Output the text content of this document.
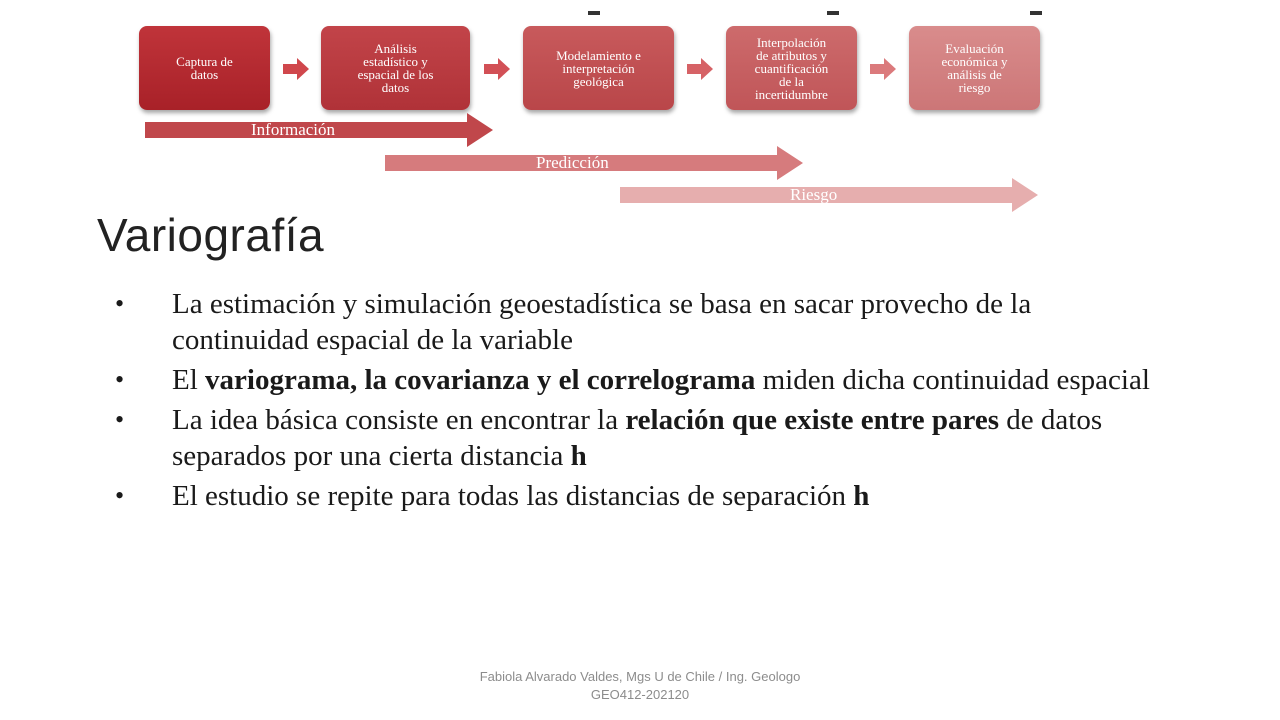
Captura de
datos
Análisis
estadístico y
espacial de los
datos
Modelamiento e
interpretación
geológica
Interpolación
de atributos y
cuantificación
de la
incertidumbre
Evaluación
económica y
análisis de
riesgo
Información
Predicción
Riesgo
Variografía
•	La estimación y simulación geoestadística se basa en sacar provecho de la continuidad espacial de la variable
•	El variograma, la covarianza y el correlograma miden dicha continuidad espacial
•	La idea básica consiste en encontrar la relación que existe entre pares de datos separados por una cierta distancia h
•	El estudio se repite para todas las distancias de separación h
Fabiola Alvarado Valdes, Mgs U de Chile / Ing. Geologo
GEO412-202120
